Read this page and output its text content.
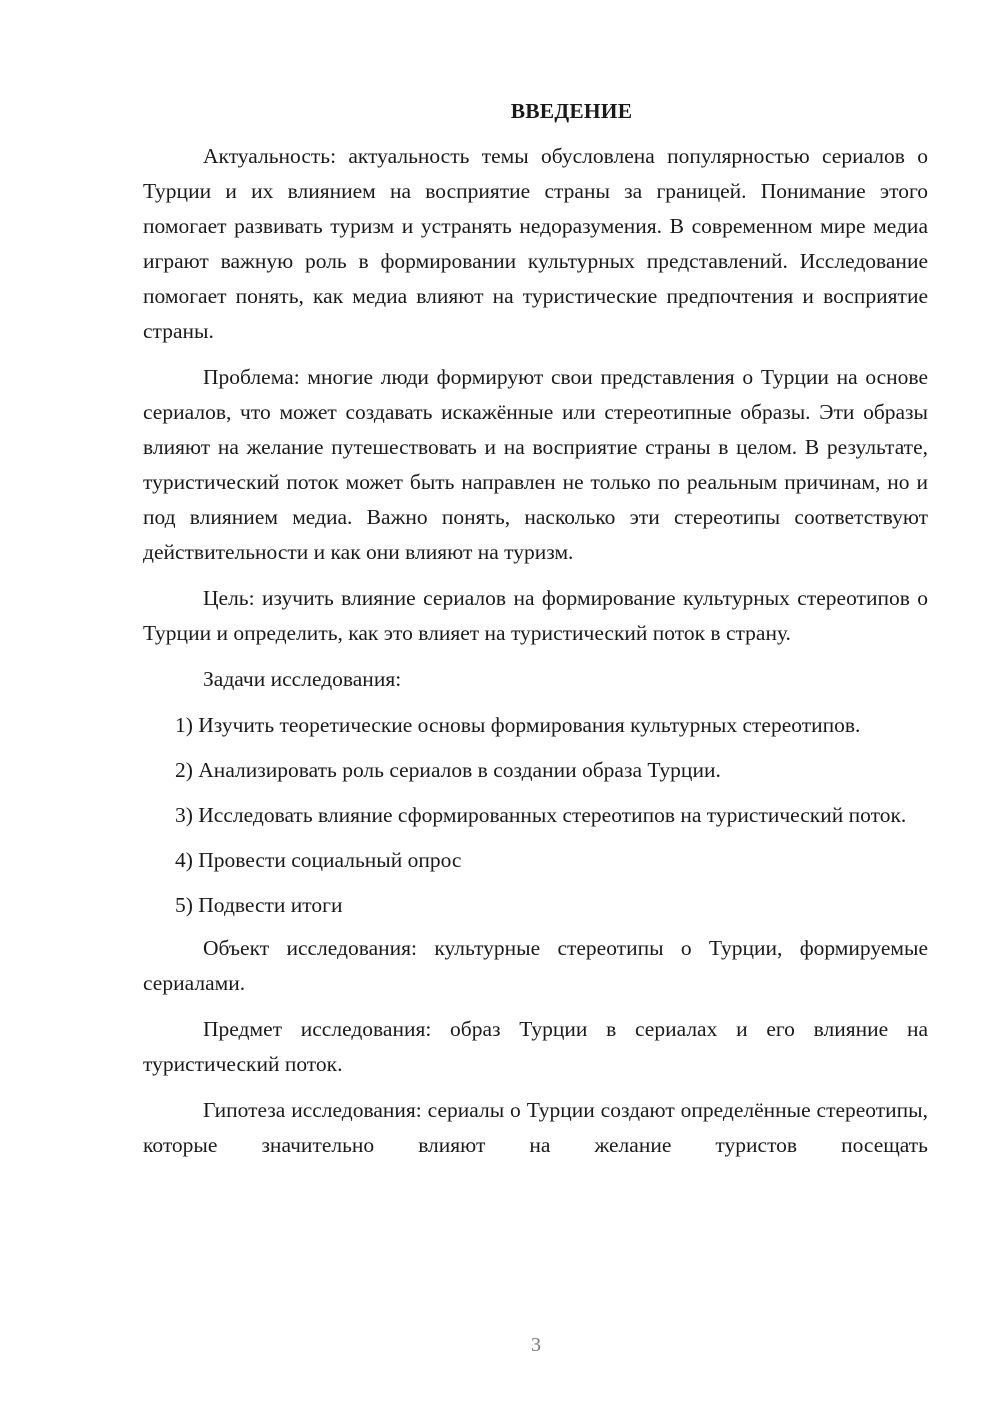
ВВЕДЕНИЕ

Актуальность: актуальность темы обусловлена популярностью сериалов о Турции и их влиянием на восприятие страны за границей. Понимание этого помогает развивать туризм и устранять недоразумения. В современном мире медиа играют важную роль в формировании культурных представлений. Исследование помогает понять, как медиа влияют на туристические предпочтения и восприятие страны.

Проблема: многие люди формируют свои представления о Турции на основе сериалов, что может создавать искажённые или стереотипные образы. Эти образы влияют на желание путешествовать и на восприятие страны в целом. В результате, туристический поток может быть направлен не только по реальным причинам, но и под влиянием медиа. Важно понять, насколько эти стереотипы соответствуют действительности и как они влияют на туризм.

Цель: изучить влияние сериалов на формирование культурных стереотипов о Турции и определить, как это влияет на туристический поток в страну.

Задачи исследования:

1) Изучить теоретические основы формирования культурных стереотипов.

2) Анализировать роль сериалов в создании образа Турции.

3) Исследовать влияние сформированных стереотипов на туристический поток.

4) Провести социальный опрос

5) Подвести итоги

Объект исследования: культурные стереотипы о Турции, формируемые сериалами.

Предмет исследования: образ Турции в сериалах и его влияние на туристический поток.

Гипотеза исследования: сериалы о Турции создают определённые стереотипы, которые значительно влияют на желание туристов посещать

3
